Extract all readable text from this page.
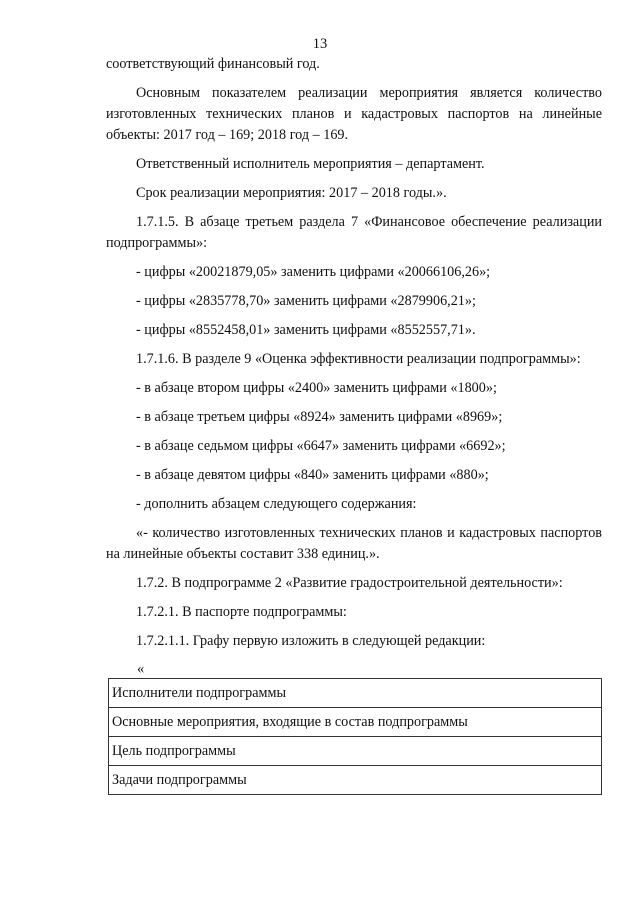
13

соответствующий финансовый год.

Основным показателем реализации мероприятия является количество изготовленных технических планов и кадастровых паспортов на линейные объекты: 2017 год – 169; 2018 год – 169.

Ответственный исполнитель мероприятия – департамент.

Срок реализации мероприятия: 2017 – 2018 годы.».

1.7.1.5. В абзаце третьем раздела 7 «Финансовое обеспечение реализации подпрограммы»:

- цифры «20021879,05» заменить цифрами «20066106,26»;

- цифры «2835778,70» заменить цифрами «2879906,21»;

- цифры «8552458,01» заменить цифрами «8552557,71».

1.7.1.6. В разделе 9 «Оценка эффективности реализации подпрограммы»:

- в абзаце втором цифры «2400» заменить цифрами «1800»;

- в абзаце третьем цифры «8924» заменить цифрами «8969»;

- в абзаце седьмом цифры «6647» заменить цифрами «6692»;

- в абзаце девятом цифры «840» заменить цифрами «880»;

- дополнить абзацем следующего содержания:

«- количество изготовленных технических планов и кадастровых паспортов на линейные объекты составит 338 единиц.».

1.7.2. В подпрограмме 2 «Развитие градостроительной деятельности»:

1.7.2.1. В паспорте подпрограммы:

1.7.2.1.1. Графу первую изложить в следующей редакции:

«
Исполнители подпрограммы
Основные мероприятия, входящие в состав подпрограммы
Цель подпрограммы
Задачи подпрограммы
